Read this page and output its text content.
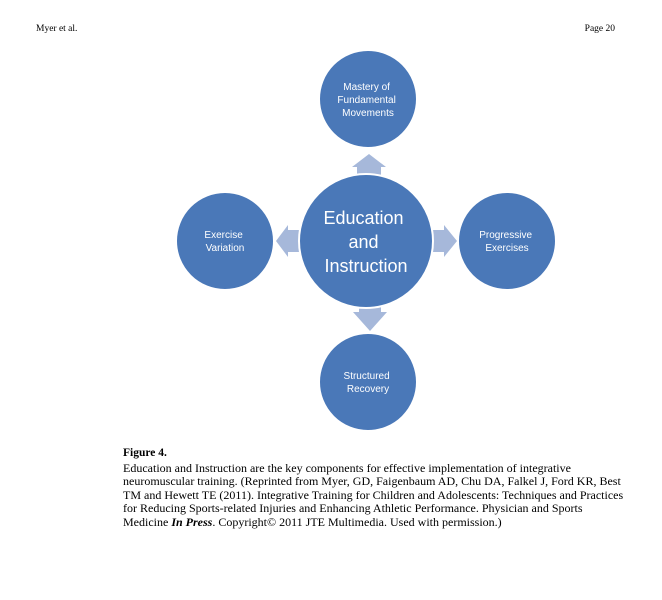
Myer et al.	Page 20
Mastery of Fundamental Movements
Exercise Variation
Progressive Exercises
Structured Recovery
Education and Instruction
Figure 4.
Education and Instruction are the key components for effective implementation of integrative neuromuscular training. (Reprinted from Myer, GD, Faigenbaum AD, Chu DA, Falkel J, Ford KR, Best TM and Hewett TE (2011). Integrative Training for Children and Adolescents: Techniques and Practices for Reducing Sports-related Injuries and Enhancing Athletic Performance. Physician and Sports Medicine In Press. Copyright© 2011 JTE Multimedia. Used with permission.)
